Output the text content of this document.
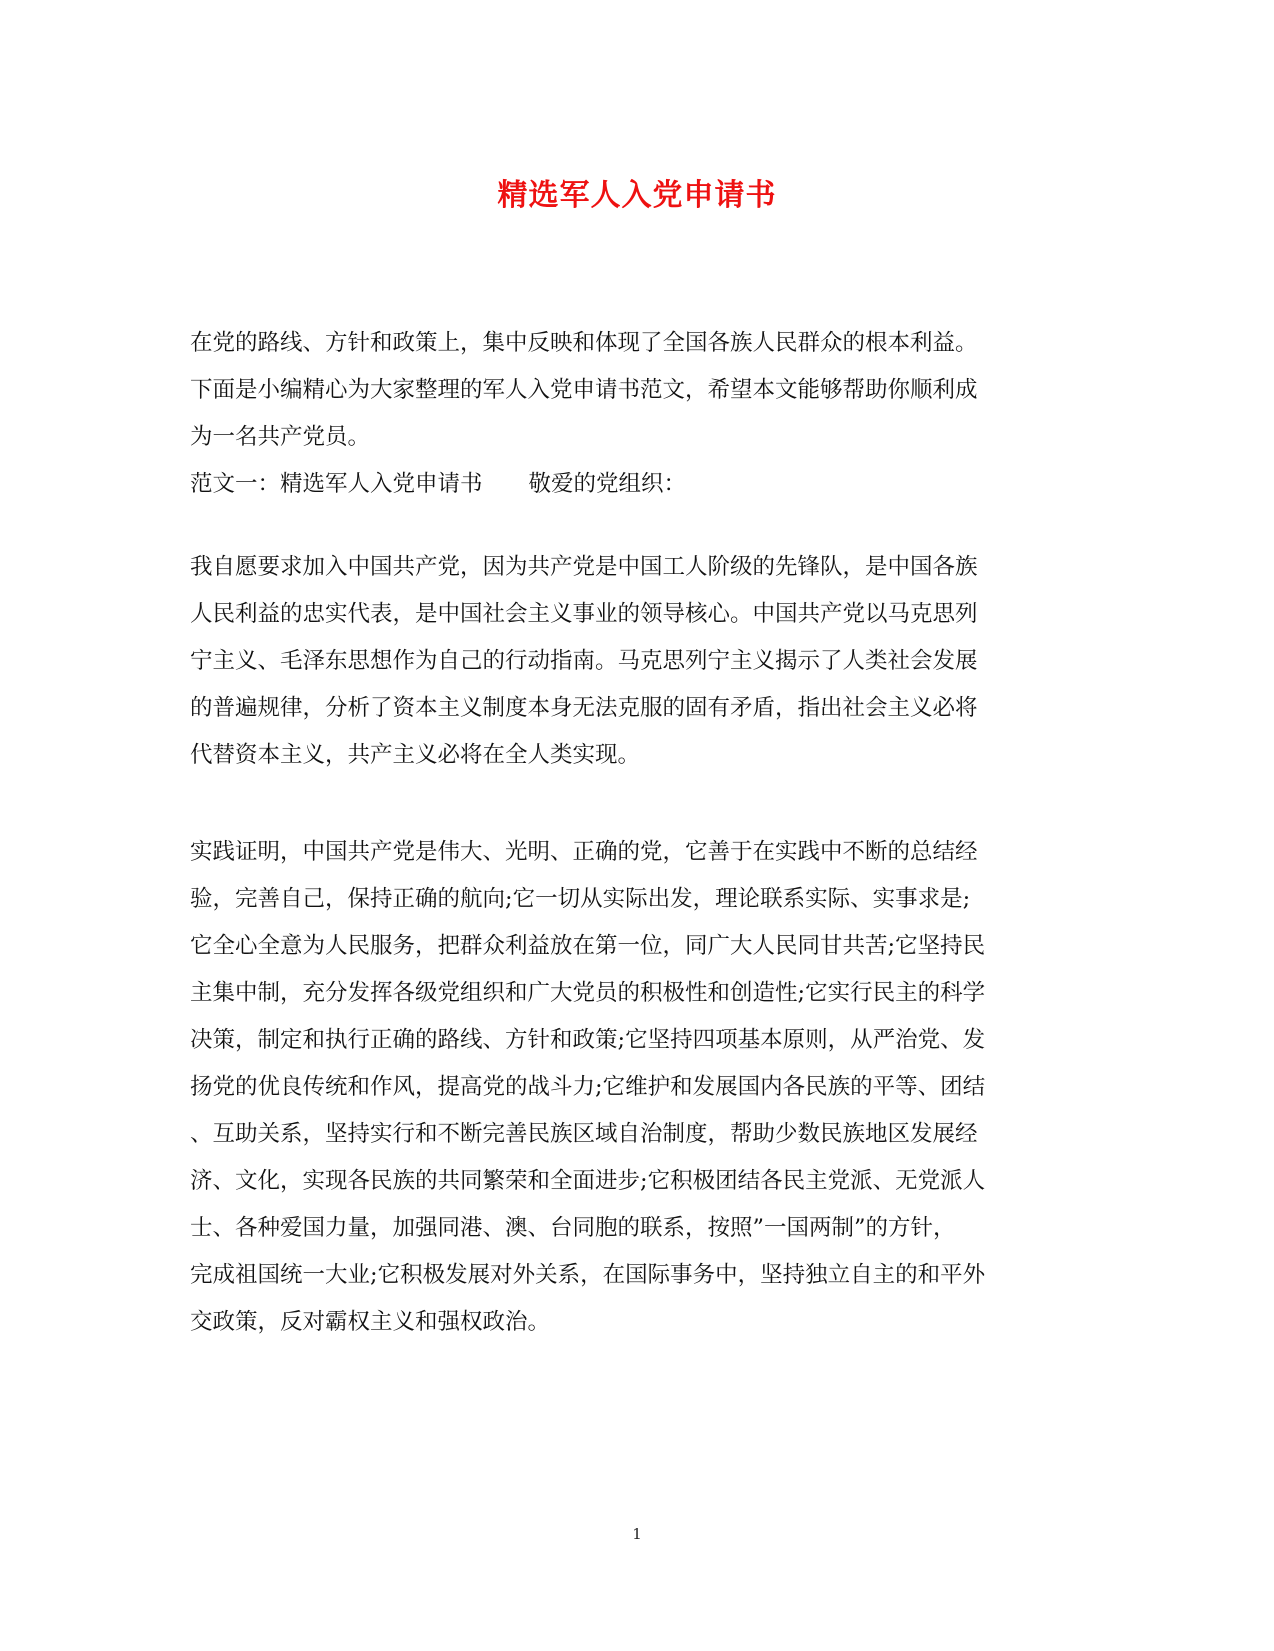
精选军人入党申请书
在党的路线、方针和政策上，集中反映和体现了全国各族人民群众的根本利益。
下面是小编精心为大家整理的军人入党申请书范文，希望本文能够帮助你顺利成
为一名共产党员。
范文一：精选军人入党申请书 敬爱的党组织：
我自愿要求加入中国共产党，因为共产党是中国工人阶级的先锋队，是中国各族
人民利益的忠实代表，是中国社会主义事业的领导核心。中国共产党以马克思列
宁主义、毛泽东思想作为自己的行动指南。马克思列宁主义揭示了人类社会发展
的普遍规律，分析了资本主义制度本身无法克服的固有矛盾，指出社会主义必将
代替资本主义，共产主义必将在全人类实现。
实践证明，中国共产党是伟大、光明、正确的党，它善于在实践中不断的总结经
验，完善自己，保持正确的航向;它一切从实际出发，理论联系实际、实事求是;
它全心全意为人民服务，把群众利益放在第一位，同广大人民同甘共苦;它坚持民
主集中制，充分发挥各级党组织和广大党员的积极性和创造性;它实行民主的科学
决策，制定和执行正确的路线、方针和政策;它坚持四项基本原则，从严治党、发
扬党的优良传统和作风，提高党的战斗力;它维护和发展国内各民族的平等、团结
、互助关系，坚持实行和不断完善民族区域自治制度，帮助少数民族地区发展经
济、文化，实现各民族的共同繁荣和全面进步;它积极团结各民主党派、无党派人
士、各种爱国力量，加强同港、澳、台同胞的联系，按照”一国两制”的方针，
完成祖国统一大业;它积极发展对外关系，在国际事务中，坚持独立自主的和平外
交政策，反对霸权主义和强权政治。
1
